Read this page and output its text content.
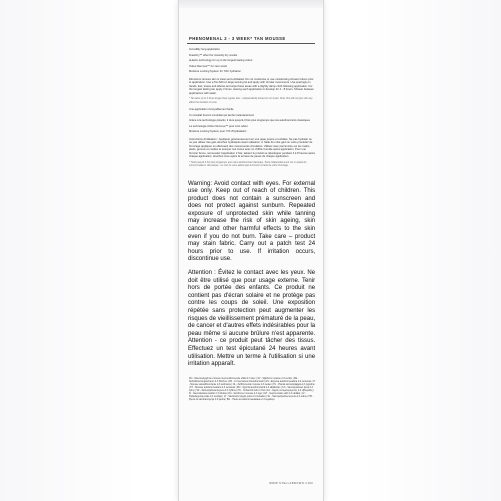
PHENOMENAL 2 - 3 WEEK* TAN MOUSSE
Incredibly long application
Dual-Dry™ effect for instantly dry results
pHactiv technology for up to 3w longest lasting colour
Odour Remove™ for zero smell
Moisture Locking System for 72hr hydration
Directions: Ensure skin is clean and exfoliated. Do not moisturise or use moisturising shower lotions prior to application. Use a Tan Mitt on large tanning lot and apply with circular movements. Use sparingly on hands, feet, knees and elbows and wipe these areas with a slightly damp cloth following application. For the longest lasting tan apply 2 times, leaving each application to develop for 4 - 8 hours. Shower between applications with water.
* Tan lasts up to 3 times longer than regular tans - independently tested on our tester. Note: this will not give skin any effect the duration of a tan.
Une application incroyablement facile
Un résultat bronzé immédiat qui sèche instantanément
Grâce à la technologie pHactiv, il dure jusqu'à 3 fois plus longtemps que les autobronzants classiques
La technologie Odour Remove™ pour zéro odeur
Moisture Locking System pour 72h d'hydratation
Instructions d'utilisation : Appliquer généreusement sur une peau propre et exfoliée. Ne pas hydrater ou ne pas utiliser des gels douches hydratants avant utilisation. À l'aide du mitte gant ou votre procédez de bronzage appliquer en effectuant des mouvements circulaires. Utilisez avec parcimonie sur les mains, pieds, genoux et coudes et essuyer ces zones avec un chiffon humide après application. Pour une bronzer brune, renouvelez l'application 2 fois, laissez le produit se développer pendant 4 à 8 heures après chaque application, douchez-vous après la ternaux de pause de chaque application.
* Tient jusqu'à 3 fois plus longtemps que votre autobronzant classique. Tests indépendamment sur un panel de consommateurs. Remarque : ce soin ne vous aidera pas à bronzer à l'auto de votre bronzage.
Warning: Avoid contact with eyes. For external use only. Keep out of reach of children. This product does not contain a sunscreen and does not protect against sunburn. Repeated exposure of unprotected skin while tanning may increase the risk of skin ageing, skin cancer and other harmful effects to the skin even if you do not burn. Take care – product may stain fabric. Carry out a patch test 24 hours prior to use. If irritation occurs, discontinue use.
Attention : Évitez le contact avec les yeux. Ne doit être utilisé que pour usage externe. Tenir hors de portée des enfants. Ce produit ne contient pas d'écran solaire et ne protège pas contre les coups de soleil. Une exposition répétée sans protection peut augmenter les risques de vieillissement prématuré de la peau, de cancer et d'autres effets indésirables pour la peau même si aucune brûlure n'est apparente. Attention - ce produit peut tâcher des tissus. Effectuez un test épicutané 24 heures avant utilisation. Mettre un terme à l'utilisation si une irritation apparaît.
NO - Ikkeinnebygd tan-mousse med selvbrunende effekt 2-3 uker | SV - Självbrun mousse 2-3 veckor | DE - Selbstbräunungsschaum 2-3 Wochen | FR - 2-3 semaines d'autobronzant | ES - Espuma autobronceadora 2-3 semanas | IT - Mousse autoabbronzante 2-3 settimane | NL - Zelfbruinende mousse 2-3 weken | PL - Pianka samoopalająca 2-3 tygodnie | PT - Mousse autobronzeadora 2-3 semanas | RO - Spumă autobronzantă 2-3 săptămâni | CS - Samoopalovací pěna 2-3 týdny | SK - Samoopaľovacia pena 2-3 týždne | HU - Önbarnító hab 2-3 hét | EL - Αφρός αυτομαυρίσματος 2-3 εβδομάδες | FI - Itseruskettava vaahto 2-3 viikkoa | DA - Selvbruner mousse 2-3 uger | ET - Isepruunistav vaht 2-3 nädalat | LV - Pašiedeguma putas 2-3 nedēļas | LT - Savaiminio įdegio putos 2-3 savaitės | SL - Samoporjavitvena pena 2-3 tedne | HR - Pjena za samotamnjenje 2-3 tjedna | BG - Пяна за самопотъмняване 2-3 седмици
WWW.STELLABROWN.COM
